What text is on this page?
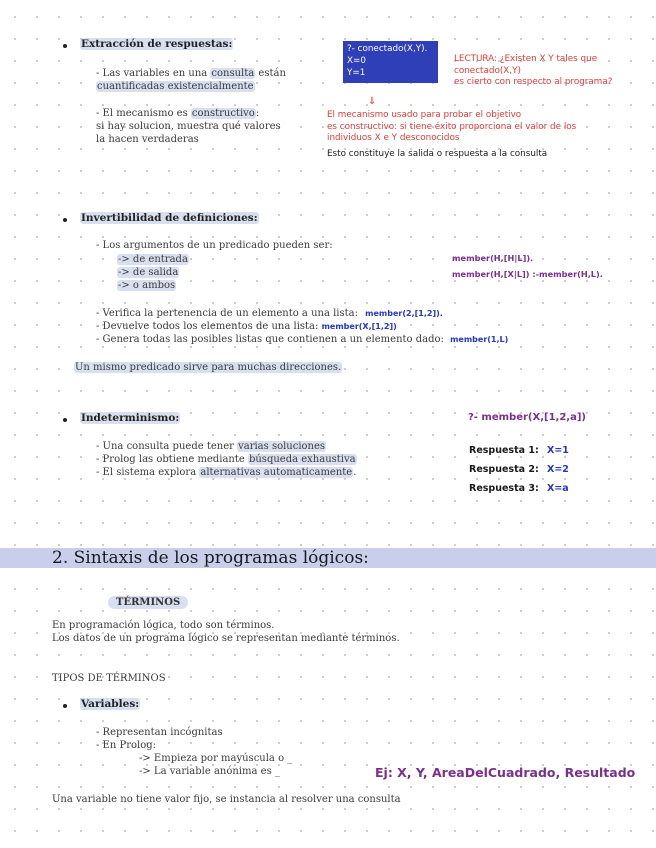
Extracción de respuestas:
- Las variables en una consulta están
cuantificadas existencialmente
- El mecanismo es constructivo:
si hay solucion, muestra qué valores
la hacen verdaderas
?- conectado(X,Y).
X=0
Y=1
LECTURA: ¿Existen X Y tales que
conectado(X,Y)
es cierto con respecto al programa?
⇓
El mecanismo usado para probar el objetivo
es constructivo: si tiene éxito proporciona el valor de los
individuos X e Y desconocidos
Esto constituye la salida o respuesta a la consulta
Invertibilidad de definiciones:
- Los argumentos de un predicado pueden ser:
-> de entrada
-> de salida
-> o ambos
member(H,[H|L]).
member(H,[X|L]) :-member(H,L).
- Verifica la pertenencia de un elemento a una lista: member(2,[1,2]).
- Devuelve todos los elementos de una lista: member(X,[1,2])
- Genera todas las posibles listas que contienen a un elemento dado: member(1,L)
Un mismo predicado sirve para muchas direcciones.
Indeterminismo:
- Una consulta puede tener varias soluciones
- Prolog las obtiene mediante búsqueda exhaustiva
- El sistema explora alternativas automaticamente.
?- member(X,[1,2,a])
Respuesta 1: X=1
Respuesta 2: X=2
Respuesta 3: X=a
2. Sintaxis de los programas lógicos:
TÉRMINOS
En programación lógica, todo son términos.
Los datos de un programa lógico se representan mediante términos.
TIPOS DE TÉRMINOS
Variables:
- Representan incógnitas
- En Prolog:
-> Empieza por mayúscula o _
-> La variable anónima es _	Ej: X, Y, AreaDelCuadrado, Resultado
Una variable no tiene valor fijo, se instancia al resolver una consulta
